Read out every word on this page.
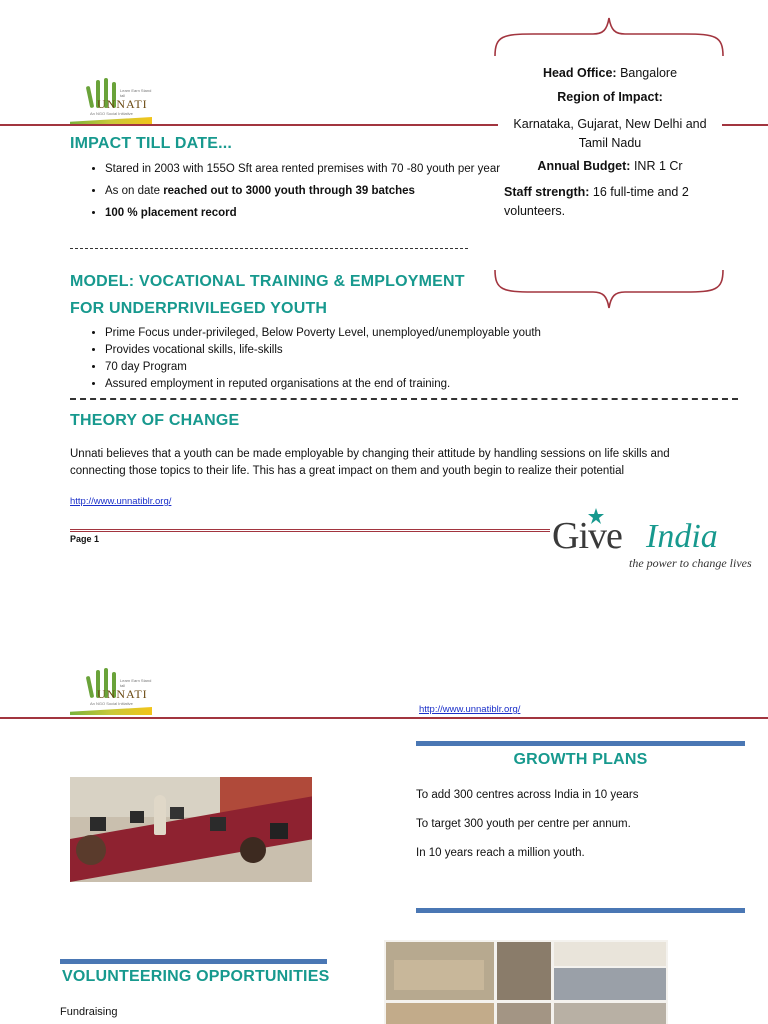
Learn Earn Stand tall
UNNATI
An NGO Social Initiative
Head Office: Bangalore
Region of Impact:
Karnataka, Gujarat, New Delhi and Tamil Nadu
Annual Budget: INR 1 Cr
Staff strength: 16 full-time and 2 volunteers.
IMPACT TILL DATE...
• Stared in 2003 with 155O Sft area rented premises with 70 -80 youth per year
• As on date reached out to 3000 youth through 39 batches
• 100 % placement record
MODEL: VOCATIONAL TRAINING & EMPLOYMENT
FOR UNDERPRIVILEGED YOUTH
• Prime Focus under-privileged, Below Poverty Level, unemployed/unemployable youth
• Provides vocational skills, life-skills
• 70 day Program
• Assured employment in reputed organisations at the end of training.
THEORY OF CHANGE
Unnati believes that a youth can be made employable by changing their attitude by handling sessions on life skills and connecting those topics to their life. This has a great impact on them and youth begin to realize their potential
http://www.unnatiblr.org/
Page 1	Give India
the power to change lives
Learn Earn Stand tall
UNNATI
An NGO Social Initiative
http://www.unnatiblr.org/
GROWTH PLANS

To add 300 centres across India in 10 years

To target 300 youth per centre per annum.

In 10 years reach a million youth.

VOLUNTEERING OPPORTUNITIES
Fundraising
